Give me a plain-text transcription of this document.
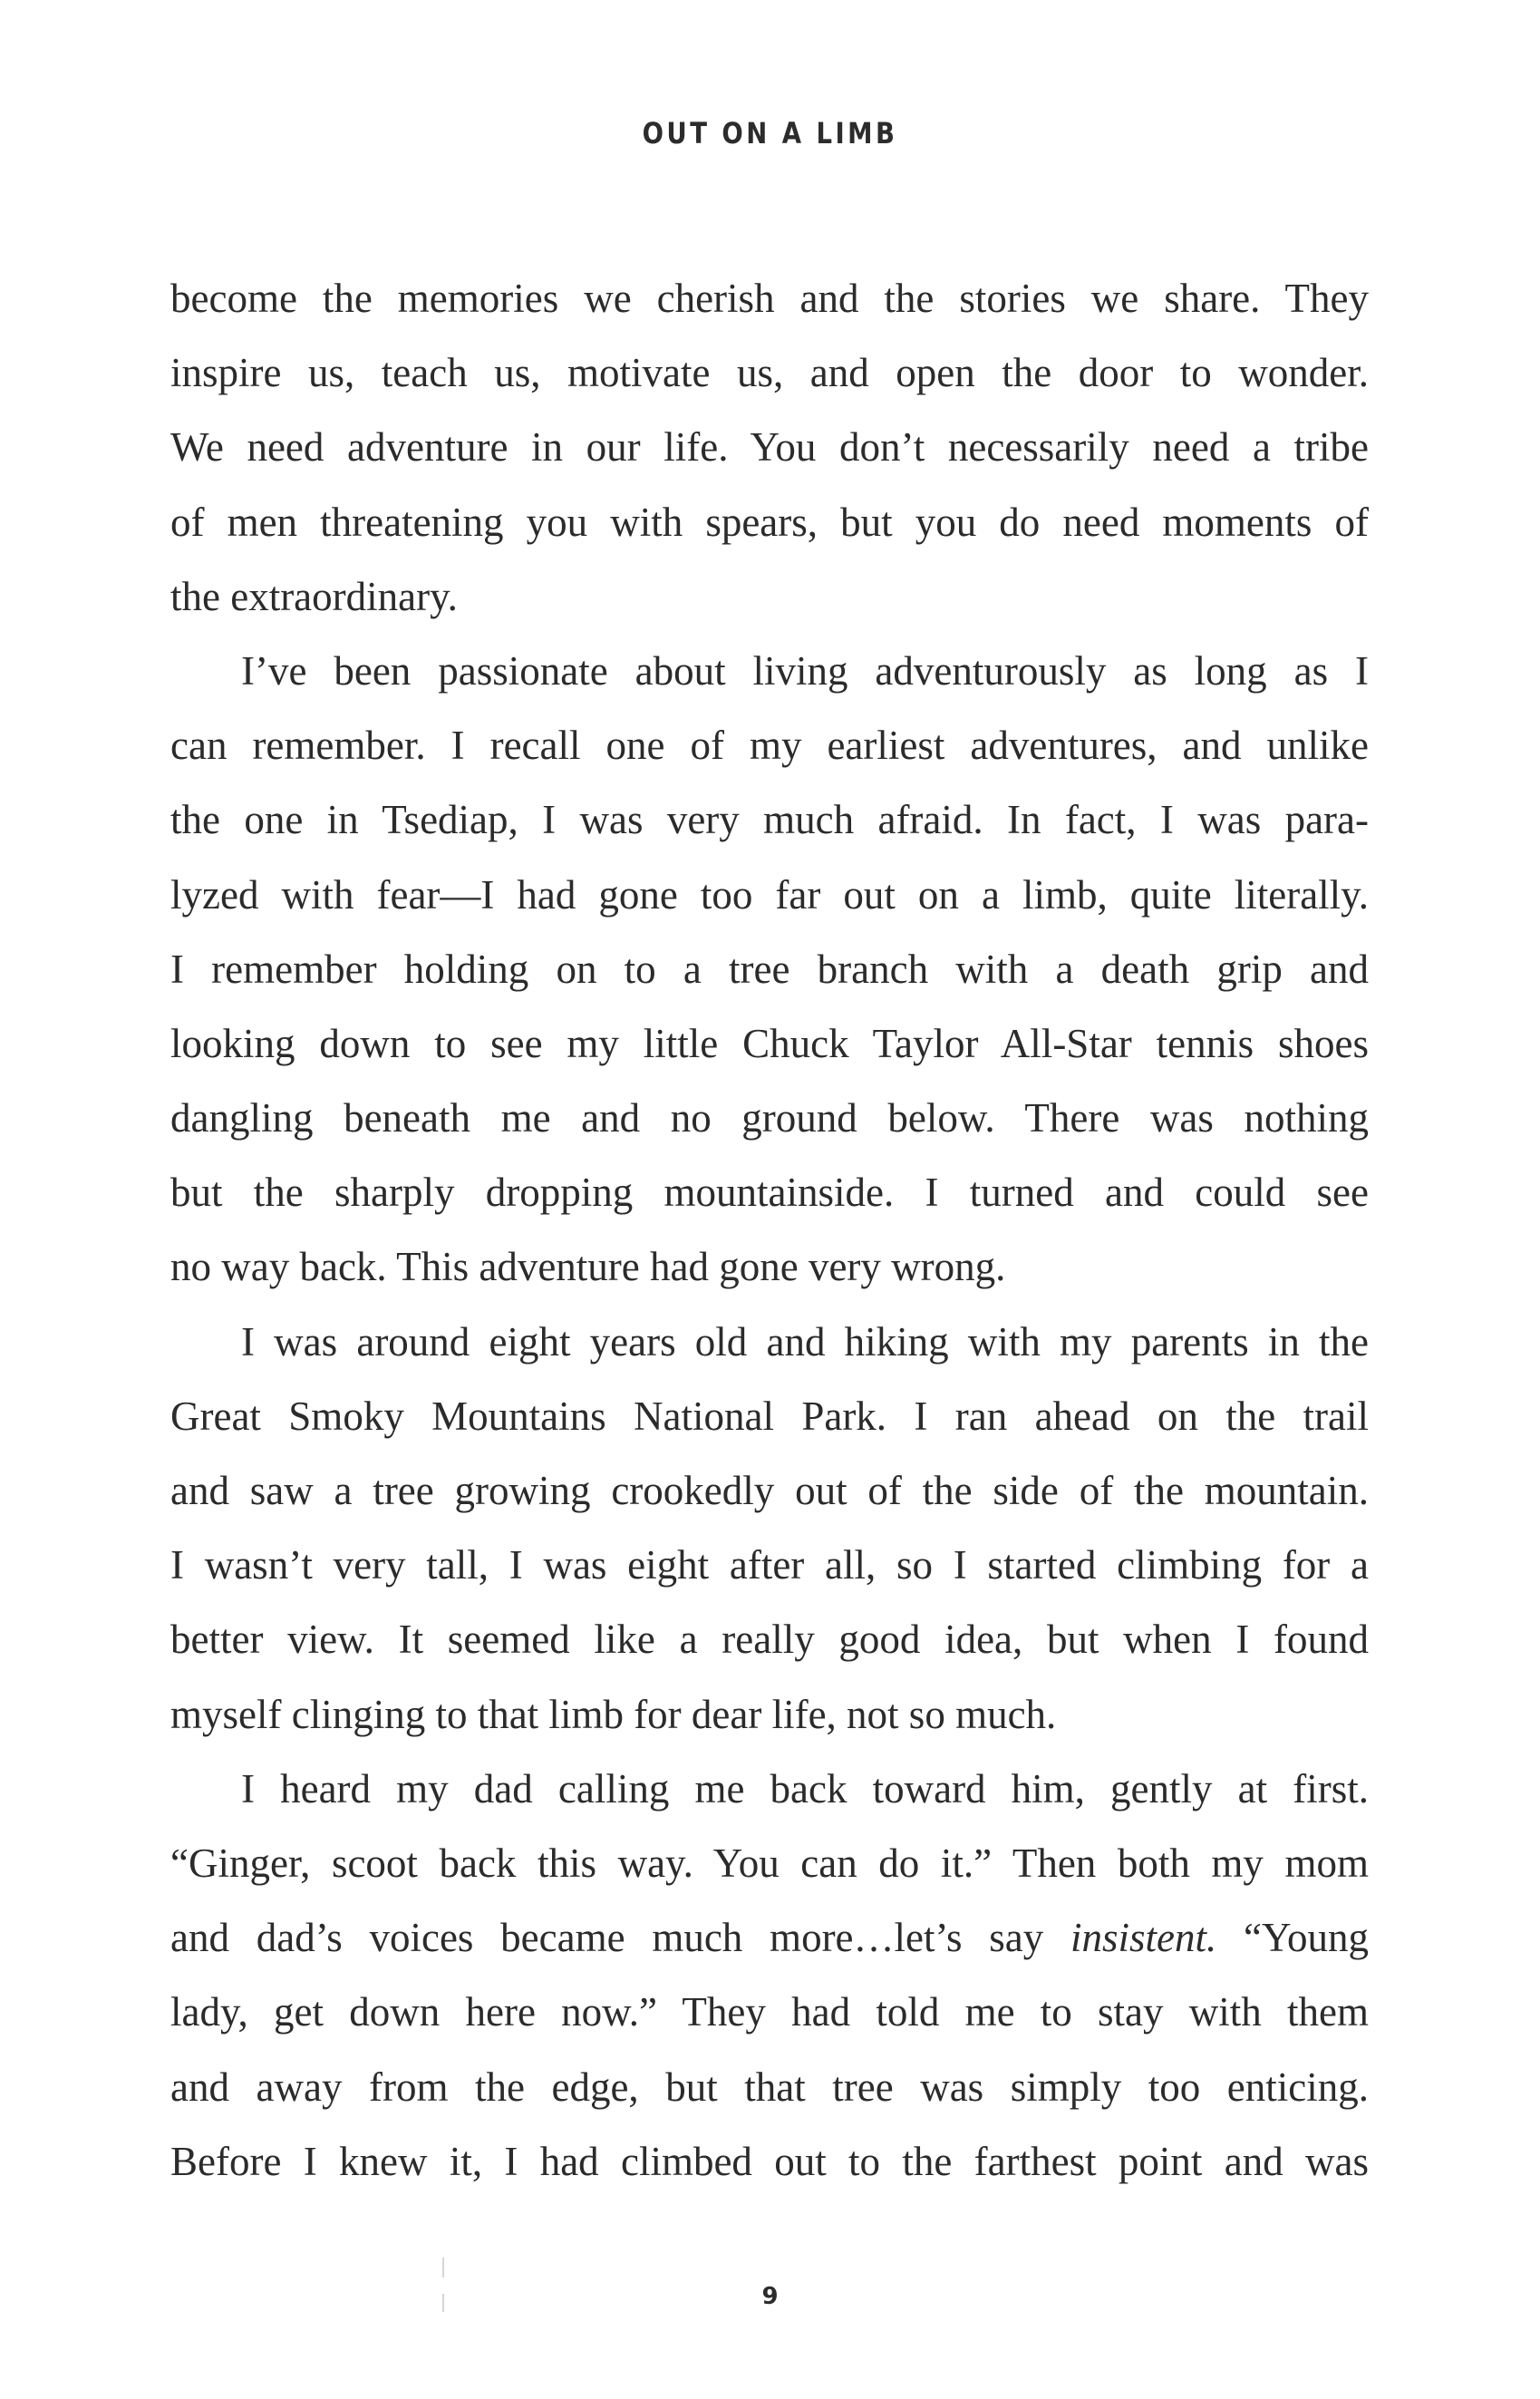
OUT ON A LIMB
become the memories we cherish and the stories we share. They
inspire us, teach us, motivate us, and open the door to wonder.
We need adventure in our life. You don’t necessarily need a tribe
of men threatening you with spears, but you do need moments of
the extraordinary.
I’ve been passionate about living adventurously as long as I
can remember. I recall one of my earliest adventures, and unlike
the one in Tsediap, I was very much afraid. In fact, I was para-
lyzed with fear—I had gone too far out on a limb, quite literally.
I remember holding on to a tree branch with a death grip and
looking down to see my little Chuck Taylor All-Star tennis shoes
dangling beneath me and no ground below. There was nothing
but the sharply dropping mountainside. I turned and could see
no way back. This adventure had gone very wrong.
I was around eight years old and hiking with my parents in the
Great Smoky Mountains National Park. I ran ahead on the trail
and saw a tree growing crookedly out of the side of the mountain.
I wasn’t very tall, I was eight after all, so I started climbing for a
better view. It seemed like a really good idea, but when I found
myself clinging to that limb for dear life, not so much.
I heard my dad calling me back toward him, gently at first.
“Ginger, scoot back this way. You can do it.” Then both my mom
and dad’s voices became much more…let’s say insistent. “Young
lady, get down here now.” They had told me to stay with them
and away from the edge, but that tree was simply too enticing.
Before I knew it, I had climbed out to the farthest point and was
9
